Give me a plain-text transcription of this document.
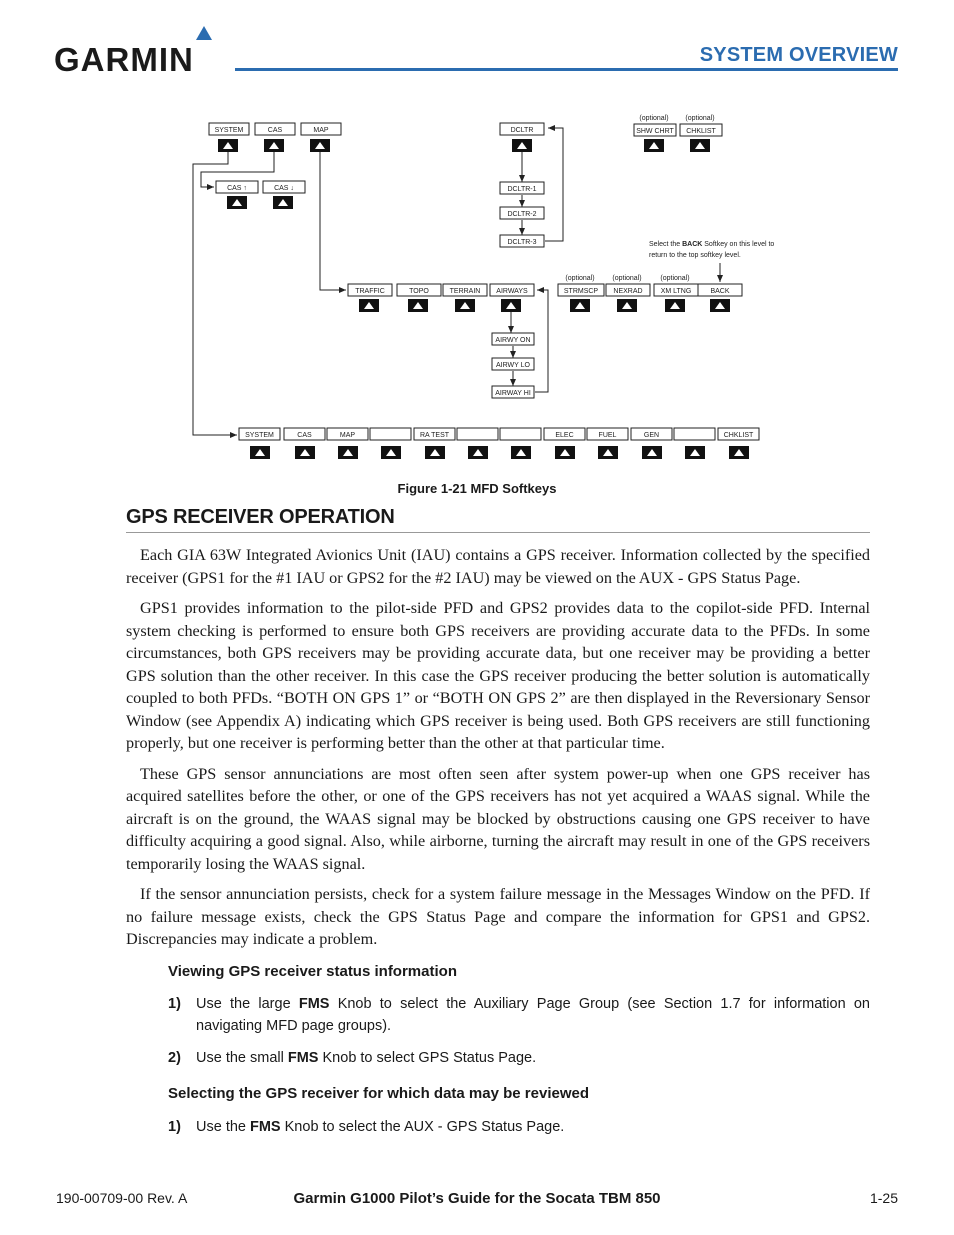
GARMIN	SYSTEM OVERVIEW
SYSTEM	CAS	MAP
CAS ↑	CAS ↓
DCLTR
DCLTR-1
DCLTR-2
DCLTR-3
SHW CHRT CHKLIST
TRAFFIC	TOPO	TERRAIN AIRWAYS	STRMSCP NEXRAD	XM LTNG	BACK
AIRWY ON
AIRWY LO
AIRWAY HI
SYSTEM	CAS	MAP	RA TEST	ELEC	FUEL	GEN	CHKLIST
(optional) (optional)
(optional)	(optional)	(optional)
Select the BACK Softkey on this level to
return to the top softkey level.
Figure 1-21 MFD Softkeys
GPS RECEIVER OPERATION

Each GIA 63W Integrated Avionics Unit (IAU) contains a GPS receiver. Information collected by the specified receiver (GPS1 for the #1 IAU or GPS2 for the #2 IAU) may be viewed on the AUX - GPS Status Page.

GPS1 provides information to the pilot-side PFD and GPS2 provides data to the copilot-side PFD. Internal system checking is performed to ensure both GPS receivers are providing accurate data to the PFDs. In some circumstances, both GPS receivers may be providing accurate data, but one receiver may be providing a better GPS solution than the other receiver. In this case the GPS receiver producing the better solution is automatically coupled to both PFDs. “BOTH ON GPS 1” or “BOTH ON GPS 2” are then displayed in the Reversionary Sensor Window (see Appendix A) indicating which GPS receiver is being used. Both GPS receivers are still functioning properly, but one receiver is performing better than the other at that particular time.

These GPS sensor annunciations are most often seen after system power-up when one GPS receiver has acquired satellites before the other, or one of the GPS receivers has not yet acquired a WAAS signal. While the aircraft is on the ground, the WAAS signal may be blocked by obstructions causing one GPS receiver to have difficulty acquiring a good signal. Also, while airborne, turning the aircraft may result in one of the GPS receivers temporarily losing the WAAS signal.

If the sensor annunciation persists, check for a system failure message in the Messages Window on the PFD. If no failure message exists, check the GPS Status Page and compare the information for GPS1 and GPS2. Discrepancies may indicate a problem.

Viewing GPS receiver status information
1)	Use the large FMS Knob to select the Auxiliary Page Group (see Section 1.7 for information on navigating MFD page groups).
2)	Use the small FMS Knob to select GPS Status Page.
Selecting the GPS receiver for which data may be reviewed
1)	Use the FMS Knob to select the AUX - GPS Status Page.
190-00709-00 Rev. A	Garmin G1000 Pilot’s Guide for the Socata TBM 850	1-25
